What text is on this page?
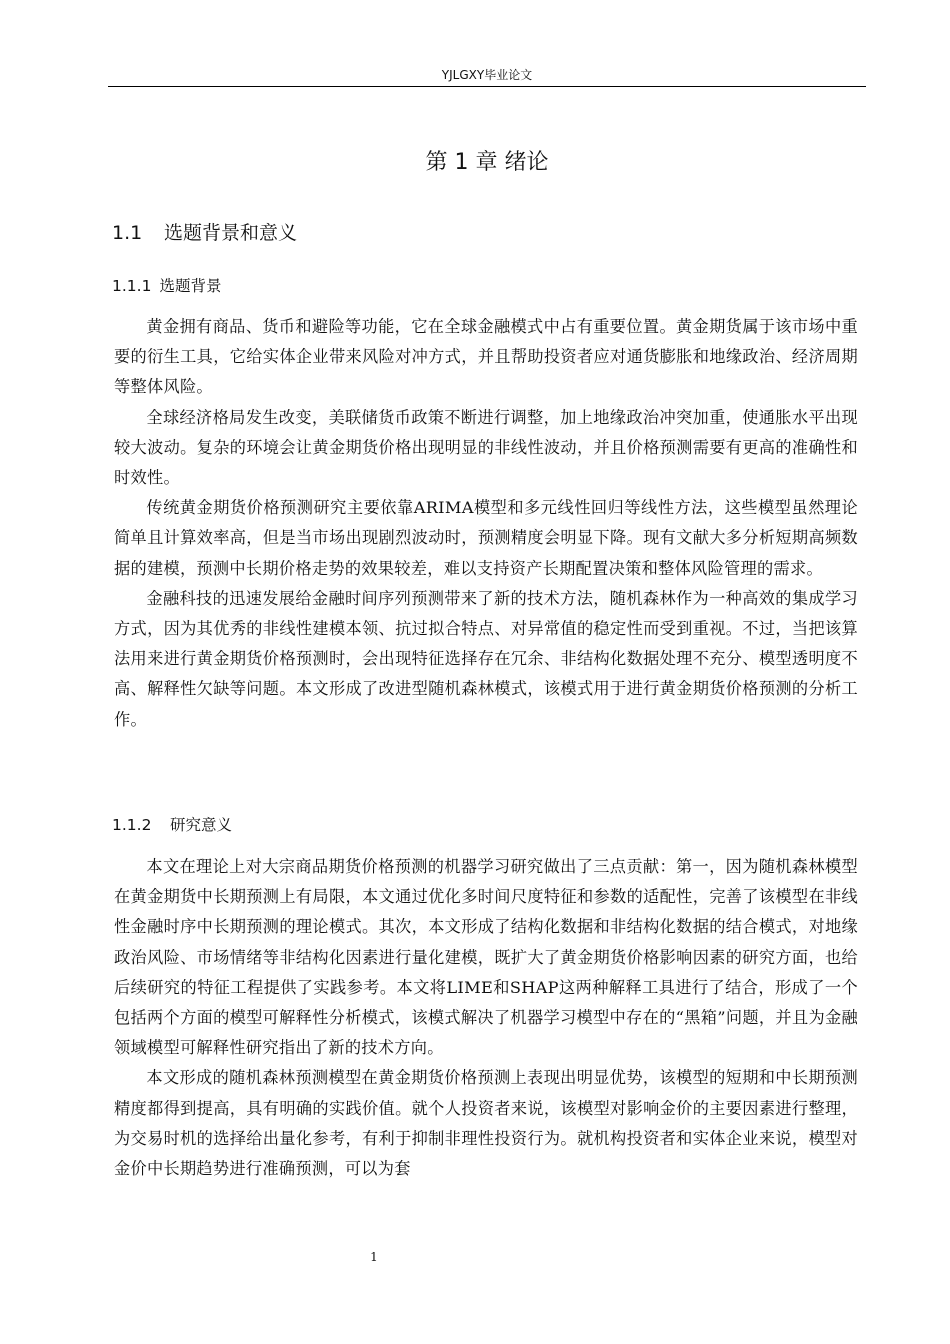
YJLGXY毕业论文
第 1 章 绪论
1.1 选题背景和意义
1.1.1 选题背景

黄金拥有商品、货币和避险等功能，它在全球金融模式中占有重要位置。黄金期货属于该市场中重要的衍生工具，它给实体企业带来风险对冲方式，并且帮助投资者应对通货膨胀和地缘政治、经济周期等整体风险。

全球经济格局发生改变，美联储货币政策不断进行调整，加上地缘政治冲突加重，使通胀水平出现较大波动。复杂的环境会让黄金期货价格出现明显的非线性波动，并且价格预测需要有更高的准确性和时效性。

传统黄金期货价格预测研究主要依靠ARIMA模型和多元线性回归等线性方法，这些模型虽然理论简单且计算效率高，但是当市场出现剧烈波动时，预测精度会明显下降。现有文献大多分析短期高频数据的建模，预测中长期价格走势的效果较差，难以支持资产长期配置决策和整体风险管理的需求。

金融科技的迅速发展给金融时间序列预测带来了新的技术方法，随机森林作为一种高效的集成学习方式，因为其优秀的非线性建模本领、抗过拟合特点、对异常值的稳定性而受到重视。不过，当把该算法用来进行黄金期货价格预测时，会出现特征选择存在冗余、非结构化数据处理不充分、模型透明度不高、解释性欠缺等问题。本文形成了改进型随机森林模式，该模式用于进行黄金期货价格预测的分析工作。

1.1.2 研究意义

本文在理论上对大宗商品期货价格预测的机器学习研究做出了三点贡献：第一，因为随机森林模型在黄金期货中长期预测上有局限，本文通过优化多时间尺度特征和参数的适配性，完善了该模型在非线性金融时序中长期预测的理论模式。其次，本文形成了结构化数据和非结构化数据的结合模式，对地缘政治风险、市场情绪等非结构化因素进行量化建模，既扩大了黄金期货价格影响因素的研究方面，也给后续研究的特征工程提供了实践参考。本文将LIME和SHAP这两种解释工具进行了结合，形成了一个包括两个方面的模型可解释性分析模式，该模式解决了机器学习模型中存在的“黑箱”问题，并且为金融领域模型可解释性研究指出了新的技术方向。

本文形成的随机森林预测模型在黄金期货价格预测上表现出明显优势，该模型的短期和中长期预测精度都得到提高，具有明确的实践价值。就个人投资者来说，该模型对影响金价的主要因素进行整理，为交易时机的选择给出量化参考，有利于抑制非理性投资行为。就机构投资者和实体企业来说，模型对金价中长期趋势进行准确预测，可以为套

1
